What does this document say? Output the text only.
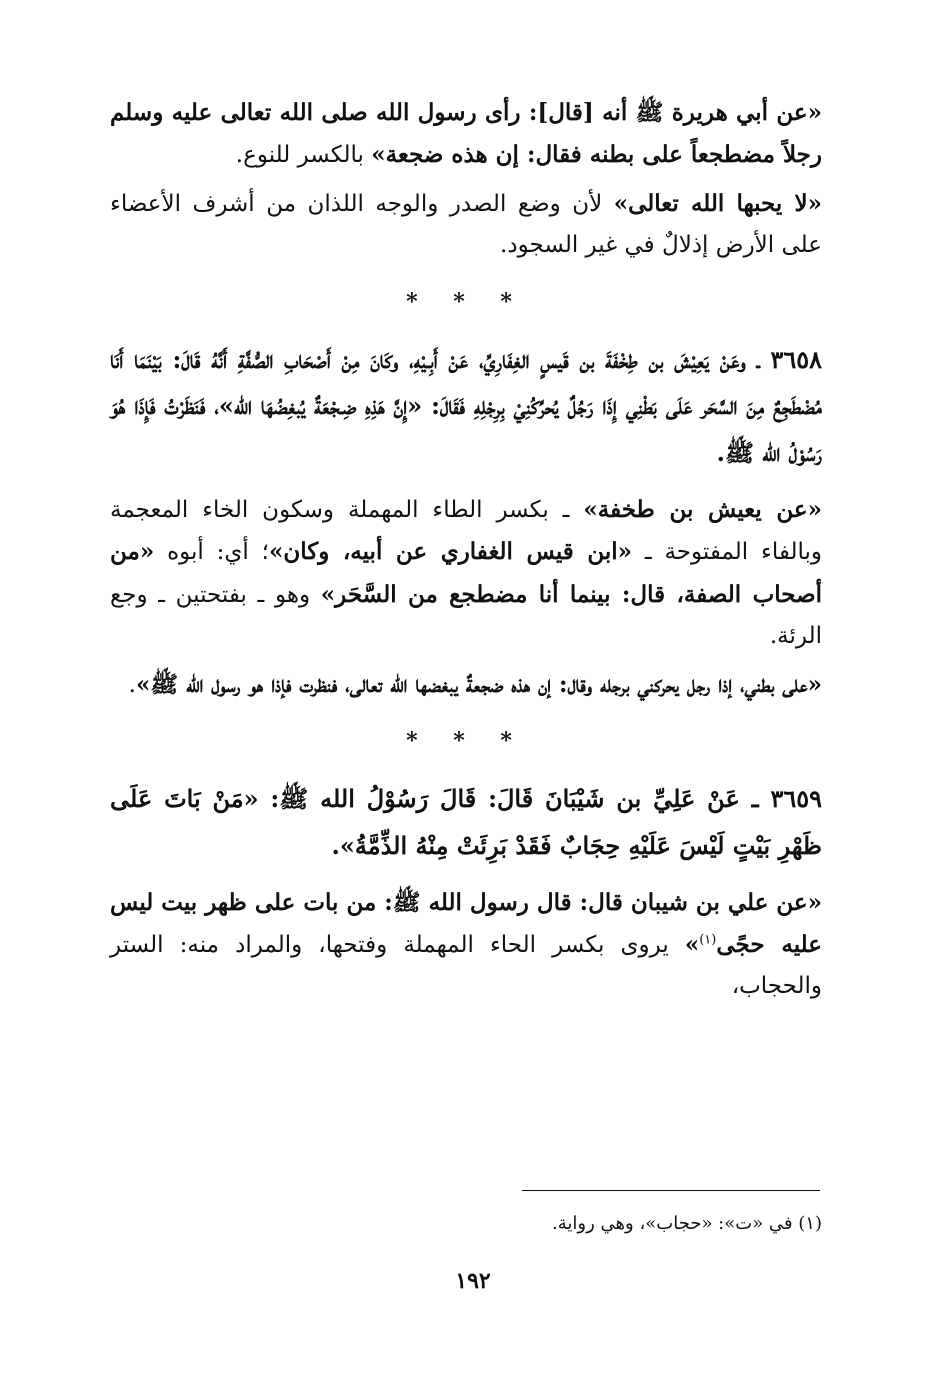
«عن أبي هريرة ﷺ أنه [قال]: رأى رسول الله صلى الله تعالى عليه وسلم رجلاً مضطجعاً على بطنه فقال: إن هذه ضجعة» بالكسر للنوع.

«لا يحبها الله تعالى» لأن وضع الصدر والوجه اللذان من أشرف الأعضاء على الأرض إذلالٌ في غير السجود.

* * *

٣٦٥٨ ـ وعَنْ يَعِيْشَ بن طِخْفَةَ بن قَيسٍ الغِفَارِيِّ، عَنْ أَبِـيْهِ، وكَانَ مِنْ أَصْحَابِ الصُّفَّةِ أَنَّهُ قَالَ: بَيْنَمَا أَنَا مُضْطَجِعٌ مِنَ السَّحَر عَلَى بَطْنِي إِذَا رَجُلٌ يُحرِّكُنِيْ بِرِجْلِهِ فَقَالَ: «إِنَّ هَذِهِ ضِـجْعَةٌ يُبغِضُهَا الله»، فَنَظَرْتُ فَإِذَا هُوَ رَسُوْلُ الله ﷺ.

«عن يعيش بن طخفة» ـ بكسر الطاء المهملة وسكون الخاء المعجمة وبالفاء المفتوحة ـ «ابن قيس الغفاري عن أبيه، وكان»؛ أي: أبوه «من أصحاب الصفة، قال: بينما أنا مضطجع من السَّحَر» وهو ـ بفتحتين ـ وجع الرئة.

«على بطني، إذا رجل يحركني برجله وقال: إن هذه ضجعةٌ يبغضها الله تعالى، فنظرت فإذا هو رسول الله ﷺ».

* * *

٣٦٥٩ ـ عَنْ عَلِيِّ بن شَيْبَانَ قَالَ: قَالَ رَسُوْلُ الله ﷺ: «مَنْ بَاتَ عَلَى ظَهْرِ بَيْتٍ لَيْسَ عَلَيْهِ حِجَابٌ فَقَدْ بَرِئَتْ مِنْهُ الذِّمَّةُ».

«عن علي بن شيبان قال: قال رسول الله ﷺ: من بات على ظهر بيت ليس عليه حجًى$^{(١)}$» يروى بكسر الحاء المهملة وفتحها، والمراد منه: الستر والحجاب،

(١) في «ت»: «حجاب»، وهي رواية.
١٩٢
